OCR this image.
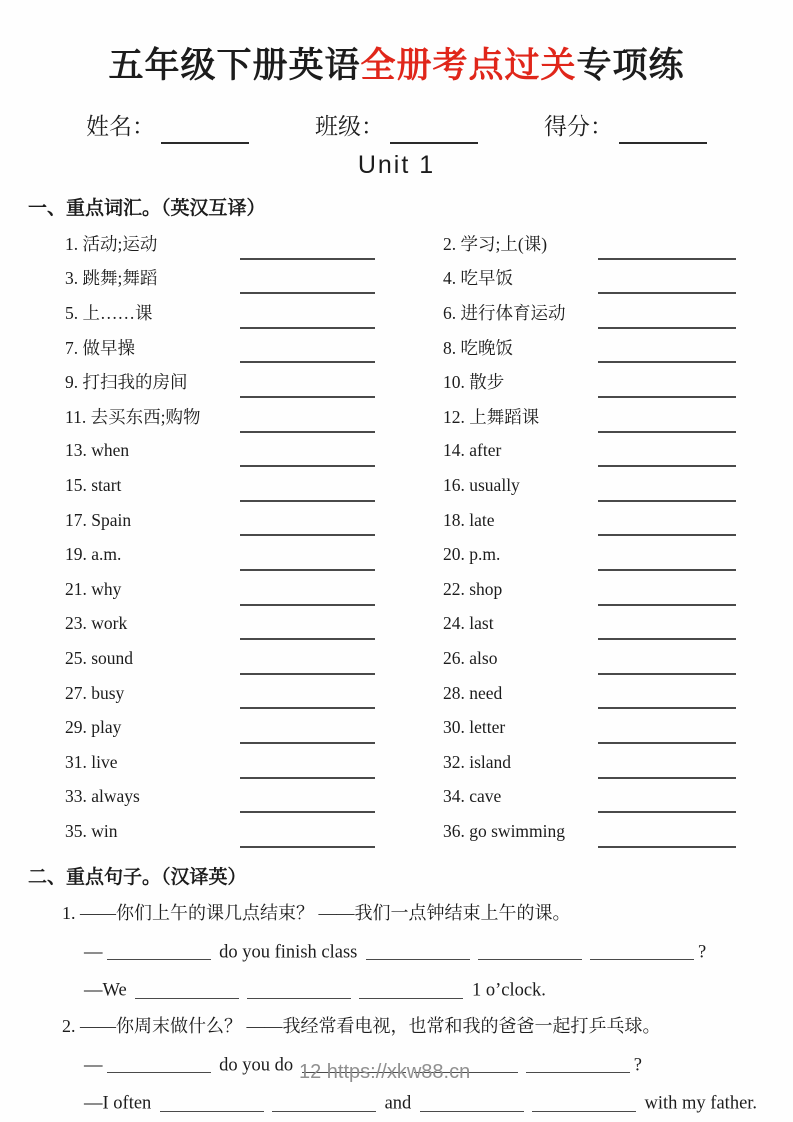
五年级下册英语全册考点过关专项练
姓名：	班级：	得分：
Unit 1
一、重点词汇。（英汉互译）
1. 活动;运动	2. 学习;上(课)
3. 跳舞;舞蹈	4. 吃早饭
5. 上……课	6. 进行体育运动
7. 做早操	8. 吃晚饭
9. 打扫我的房间	10. 散步
11. 去买东西;购物	12. 上舞蹈课
13. when	14. after
15. start	16. usually
17. Spain	18. late
19. a.m.	20. p.m.
21. why	22. shop
23. work	24. last
25. sound	26. also
27. busy	28. need
29. play	30. letter
31. live	32. island
33. always	34. cave
35. win	36. go swimming
二、重点句子。（汉译英）
1. ——你们上午的课几点结束？ ——我们一点钟结束上午的课。
—	do you finish class	?
—We	1 o’clock.
2. ——你周末做什么？ ——我经常看电视，也常和我的爸爸一起打乒乓球。
—	do you do	?
—I often	and	with my father.
12 https://xkw88.cn
